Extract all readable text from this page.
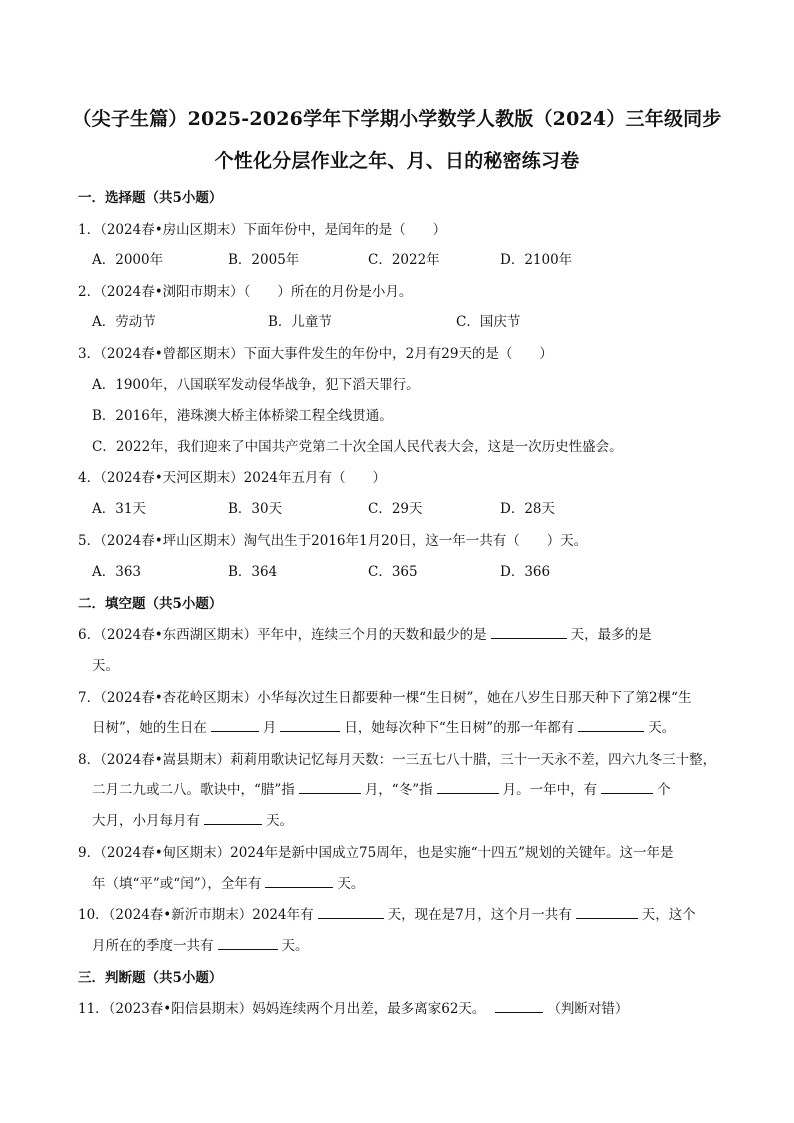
（尖子生篇）2025-2026学年下学期小学数学人教版（2024）三年级同步
个性化分层作业之年、月、日的秘密练习卷
一．选择题（共5小题）
1．（2024春•房山区期末）下面年份中，是闰年的是（　　）
A．2000年	B．2005年	C．2022年	D．2100年
2．（2024春•浏阳市期末）（　　）所在的月份是小月。
A．劳动节	B．儿童节	C．国庆节
3．（2024春•曾都区期末）下面大事件发生的年份中，2月有29天的是（　　）
A．1900年，八国联军发动侵华战争，犯下滔天罪行。
B．2016年，港珠澳大桥主体桥梁工程全线贯通。
C．2022年，我们迎来了中国共产党第二十次全国人民代表大会，这是一次历史性盛会。
4．（2024春•天河区期末）2024年五月有（　　）
A．31天	B．30天	C．29天	D．28天
5．（2024春•坪山区期末）淘气出生于2016年1月20日，这一年一共有（　　）天。
A．363	B．364	C．365	D．366
二．填空题（共5小题）
6．（2024春•东西湖区期末）平年中，连续三个月的天数和最少的是	天，最多的是
天。
7．（2024春•杏花岭区期末）小华每次过生日都要种一棵“生日树”，她在八岁生日那天种下了第2棵“生
日树”，她的生日在	月	日，她每次种下“生日树”的那一年都有	天。
8．（2024春•嵩县期末）莉莉用歌诀记忆每月天数：一三五七八十腊，三十一天永不差，四六九冬三十整，
二月二九或二八。歌诀中，“腊”指	月，“冬”指	月。一年中，有	个
大月，小月每月有	天。
9．（2024春•甸区期末）2024年是新中国成立75周年，也是实施“十四五”规划的关键年。这一年是
年（填“平”或“闰”），全年有	天。
10．（2024春•新沂市期末）2024年有	天，现在是7月，这个月一共有	天，这个
月所在的季度一共有	天。
三．判断题（共5小题）
11．（2023春•阳信县期末）妈妈连续两个月出差，最多离家62天。	（判断对错）
